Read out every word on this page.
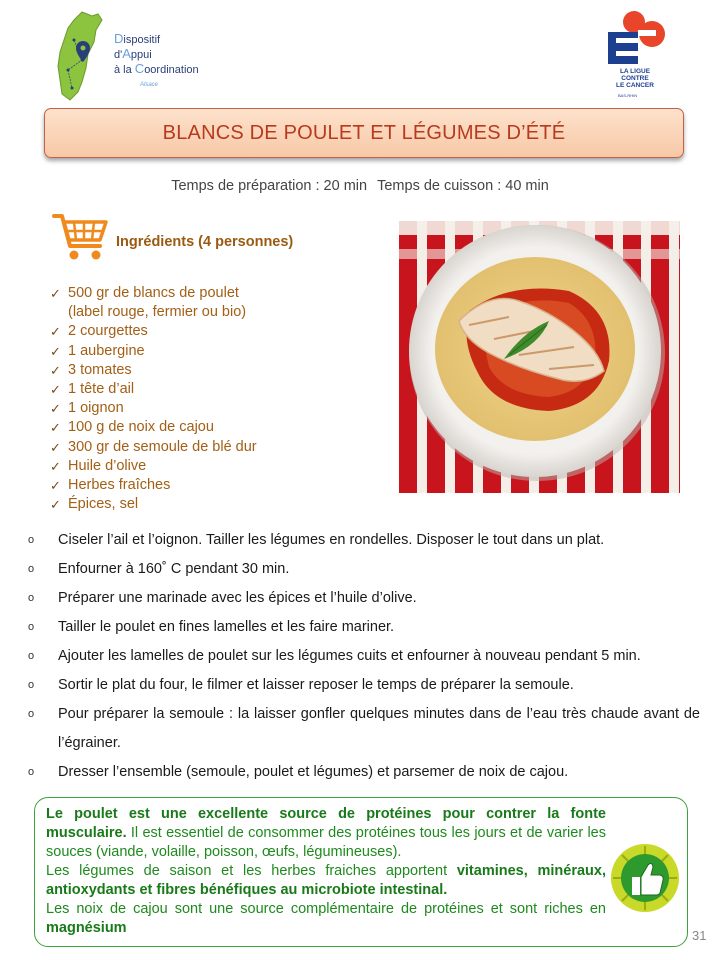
Dispositif
d'Appui
à la Coordination
Alsace
LA LIGUE
CONTRE
LE CANCER
BAS-RHIN
BLANCS DE POULET ET LÉGUMES D’ÉTÉ
Temps de préparation : 20 min Temps de cuisson : 40 min
Ingrédients (4 personnes)
✓ 500 gr de blancs de poulet
(label rouge, fermier ou bio)
✓ 2 courgettes
✓ 1 aubergine
✓ 3 tomates
✓ 1 tête d’ail
✓ 1 oignon
✓ 100 g de noix de cajou
✓ 300 gr de semoule de blé dur
✓ Huile d’olive
✓ Herbes fraîches
✓ Épices, sel
o Ciseler l’ail et l’oignon. Tailler les légumes en rondelles. Disposer le tout dans un plat.
o Enfourner à 160˚ C pendant 30 min.
o Préparer une marinade avec les épices et l’huile d’olive.
o Tailler le poulet en fines lamelles et les faire mariner.
o Ajouter les lamelles de poulet sur les légumes cuits et enfourner à nouveau pendant 5 min.
o Sortir le plat du four, le filmer et laisser reposer le temps de préparer la semoule.
o Pour préparer la semoule : la laisser gonfler quelques minutes dans de l’eau très chaude avant de l’égrainer.
o Dresser l’ensemble (semoule, poulet et légumes) et parsemer de noix de cajou.
Le poulet est une excellente source de protéines pour contrer la fonte musculaire. Il est essentiel de consommer des protéines tous les jours et de varier les souces (viande, volaille, poisson, œufs, légumineuses).
Les légumes de saison et les herbes fraiches apportent vitamines, minéraux, antioxydants et fibres bénéfiques au microbiote intestinal.
Les noix de cajou sont une source complémentaire de protéines et sont riches en magnésium	31
